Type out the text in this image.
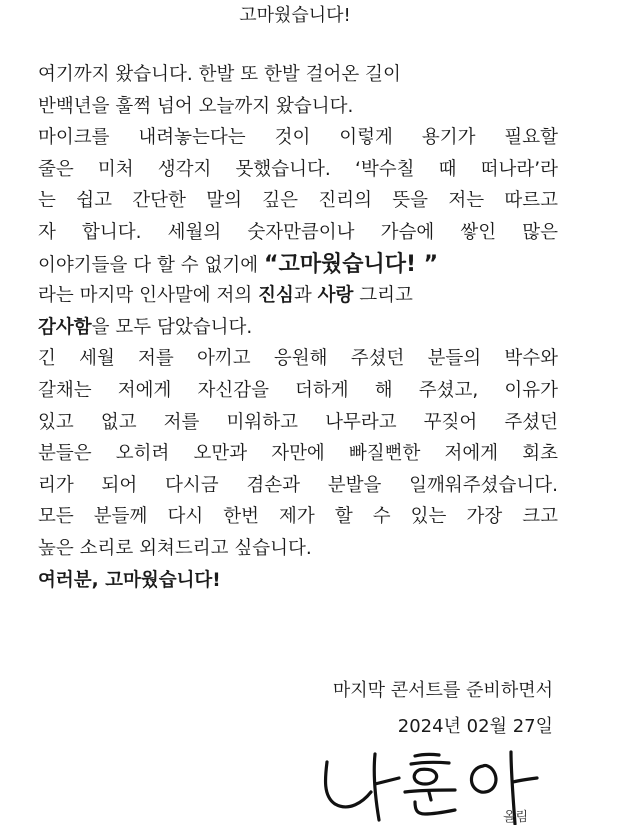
고마웠습니다!
여기까지 왔습니다. 한발 또 한발 걸어온 길이
반백년을 훌쩍 넘어 오늘까지 왔습니다.
마이크를 내려놓는다는 것이 이렇게 용기가 필요할
줄은 미처 생각지 못했습니다. ‘박수칠 때 떠나라’라
는 쉽고 간단한 말의 깊은 진리의 뜻을 저는 따르고
자 합니다. 세월의 숫자만큼이나 가슴에 쌓인 많은
이야기들을 다 할 수 없기에 “고마웠습니다! ”
라는 마지막 인사말에 저의 진심과 사랑 그리고
감사함을 모두 담았습니다.
긴 세월 저를 아끼고 응원해 주셨던 분들의 박수와
갈채는 저에게 자신감을 더하게 해 주셨고, 이유가
있고 없고 저를 미워하고 나무라고 꾸짖어 주셨던
분들은 오히려 오만과 자만에 빠질뻔한 저에게 회초
리가 되어 다시금 겸손과 분발을 일깨워주셨습니다.
모든 분들께 다시 한번 제가 할 수 있는 가장 크고
높은 소리로 외쳐드리고 싶습니다.
여러분, 고마웠습니다!
마지막 콘서트를 준비하면서
2024년 02월 27일
올림
